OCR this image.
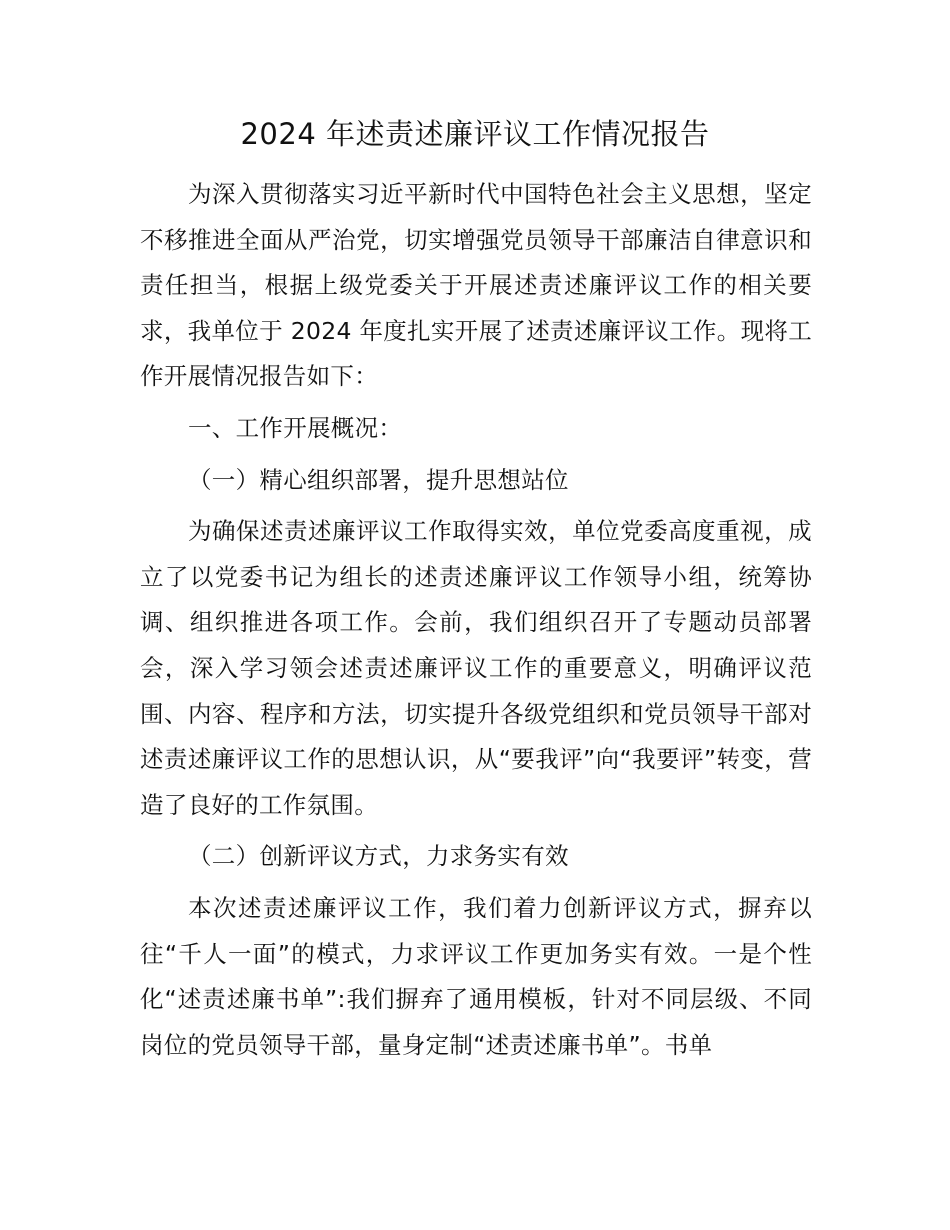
2024 年述责述廉评议工作情况报告

为深入贯彻落实习近平新时代中国特色社会主义思想，坚定不移推进全面从严治党，切实增强党员领导干部廉洁自律意识和责任担当，根据上级党委关于开展述责述廉评议工作的相关要求，我单位于 2024 年度扎实开展了述责述廉评议工作。现将工作开展情况报告如下：

一、工作开展概况：

（一）精心组织部署，提升思想站位

为确保述责述廉评议工作取得实效，单位党委高度重视，成立了以党委书记为组长的述责述廉评议工作领导小组，统筹协调、组织推进各项工作。会前，我们组织召开了专题动员部署会，深入学习领会述责述廉评议工作的重要意义，明确评议范围、内容、程序和方法，切实提升各级党组织和党员领导干部对述责述廉评议工作的思想认识，从“要我评”向“我要评”转变，营造了良好的工作氛围。

（二）创新评议方式，力求务实有效

本次述责述廉评议工作，我们着力创新评议方式，摒弃以往“千人一面”的模式，力求评议工作更加务实有效。一是个性化“述责述廉书单”:我们摒弃了通用模板，针对不同层级、不同岗位的党员领导干部，量身定制“述责述廉书单”。书单
